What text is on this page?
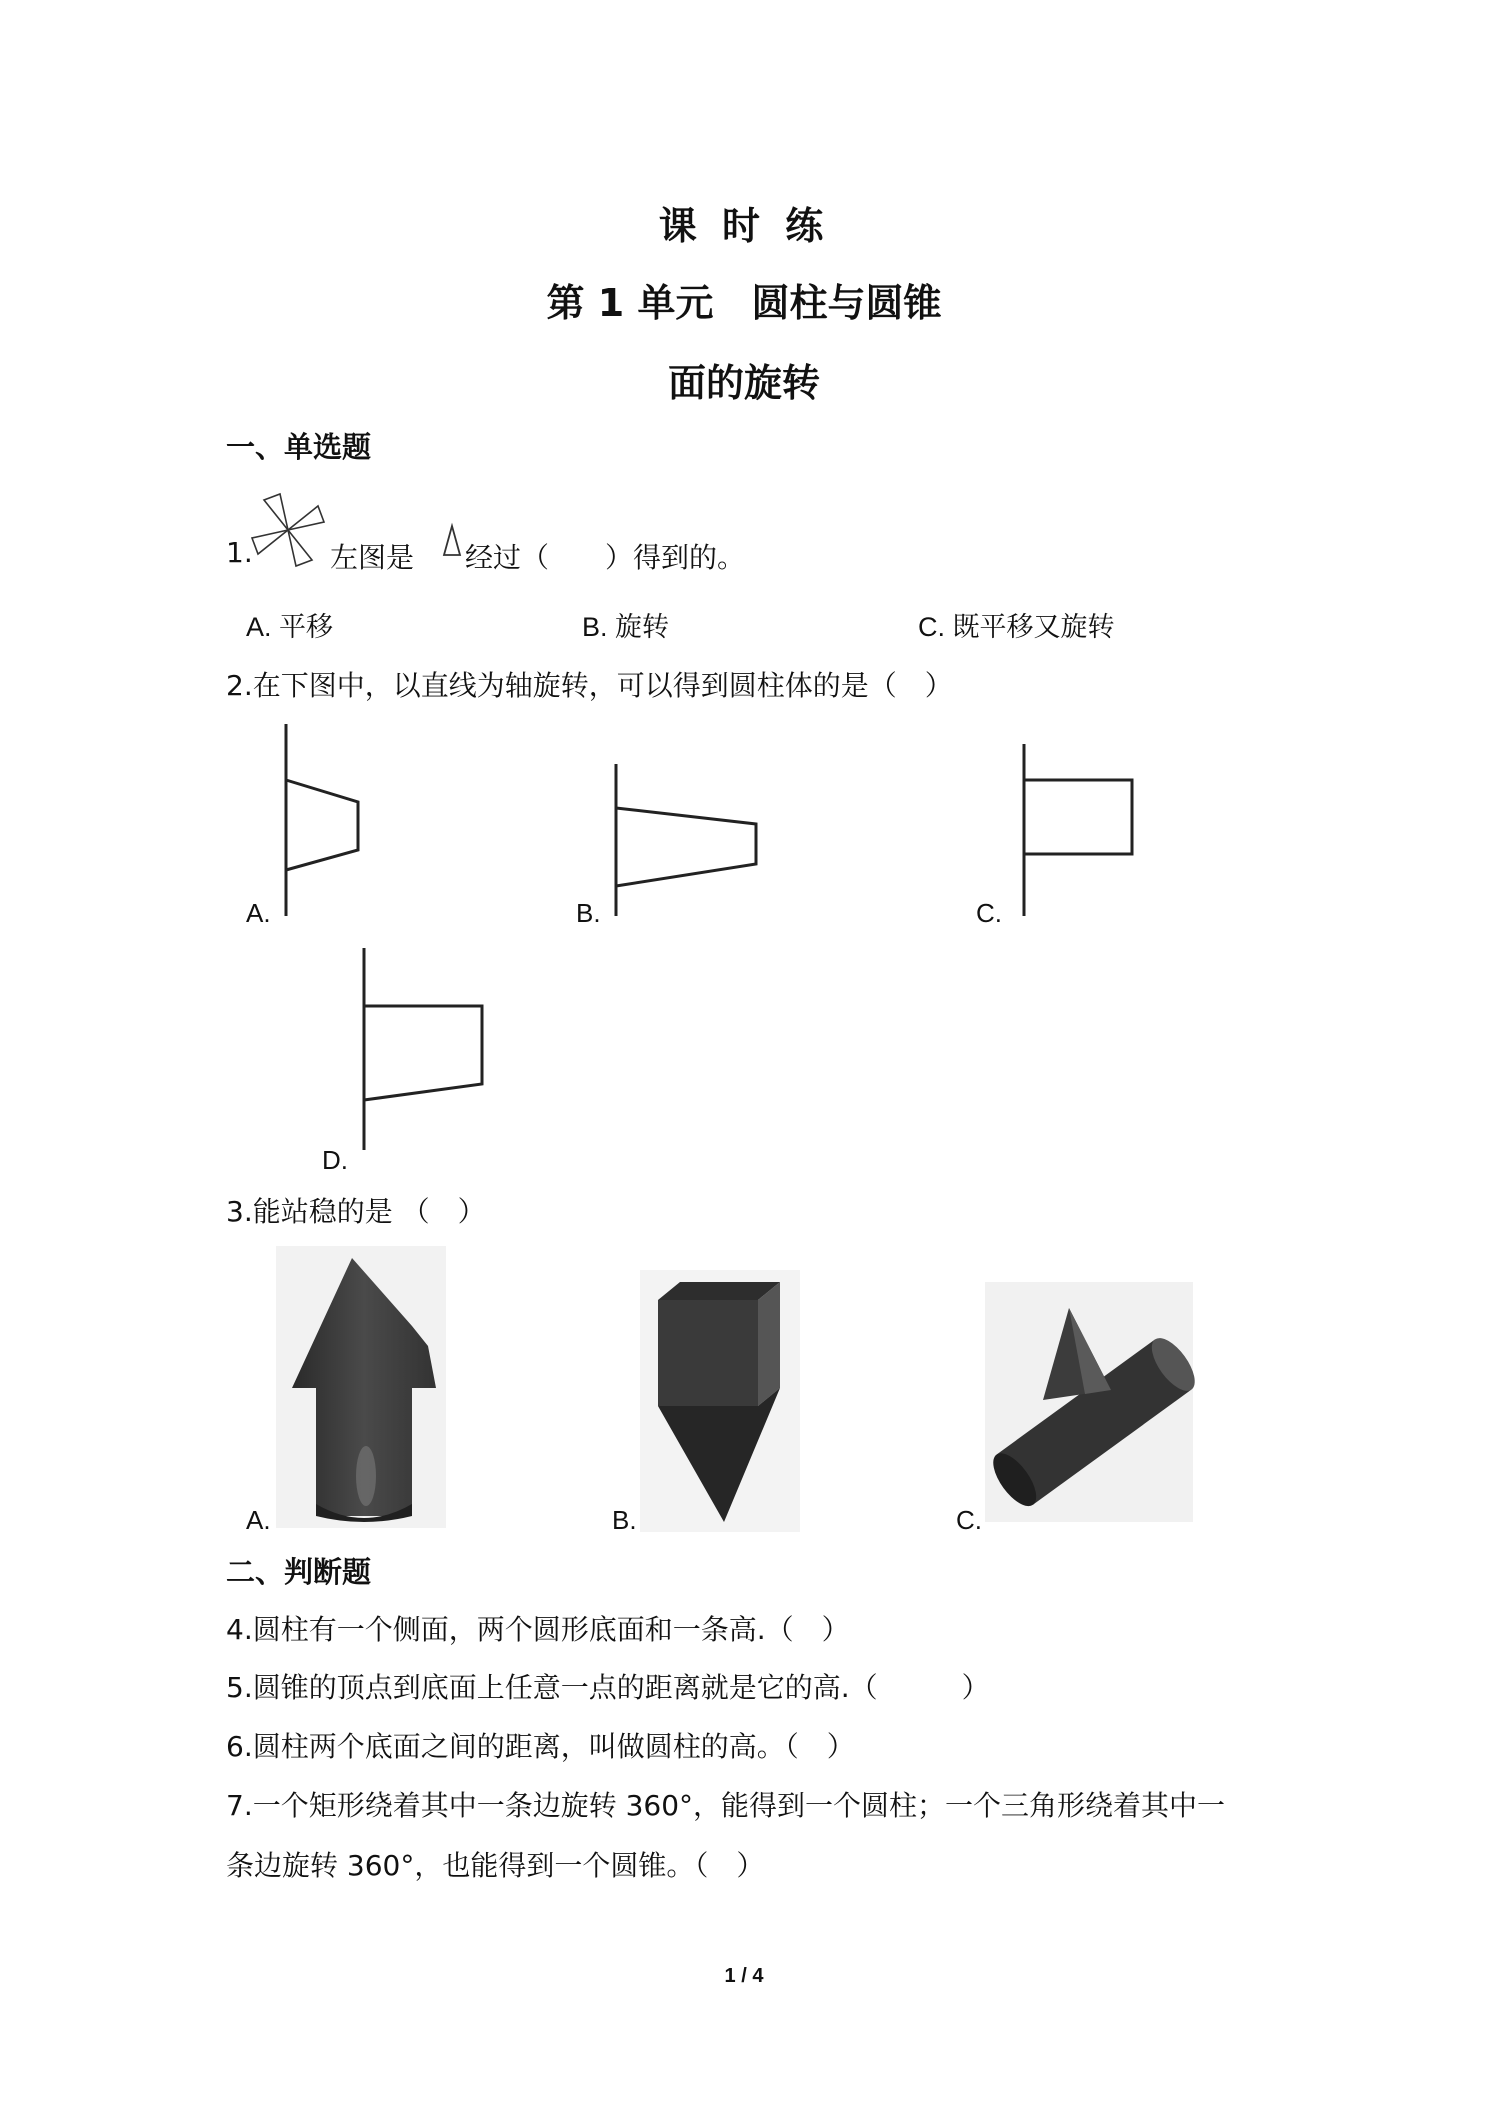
课 时 练
第 1 单元　圆柱与圆锥
面的旋转
一、单选题
1.	左图是 经过（　　）得到的。
A. 平移	B. 旋转	C. 既平移又旋转
2.在下图中，以直线为轴旋转，可以得到圆柱体的是（　）
A.	B.	C.
D.
3.能站稳的是 （　）
A.	B.	C.
二、判断题
4.圆柱有一个侧面，两个圆形底面和一条高.（　）
5.圆锥的顶点到底面上任意一点的距离就是它的高.（　　　）
6.圆柱两个底面之间的距离，叫做圆柱的高。（　）
7.一个矩形绕着其中一条边旋转 360°，能得到一个圆柱；一个三角形绕着其中一
条边旋转 360°，也能得到一个圆锥。（　）
1 / 4
